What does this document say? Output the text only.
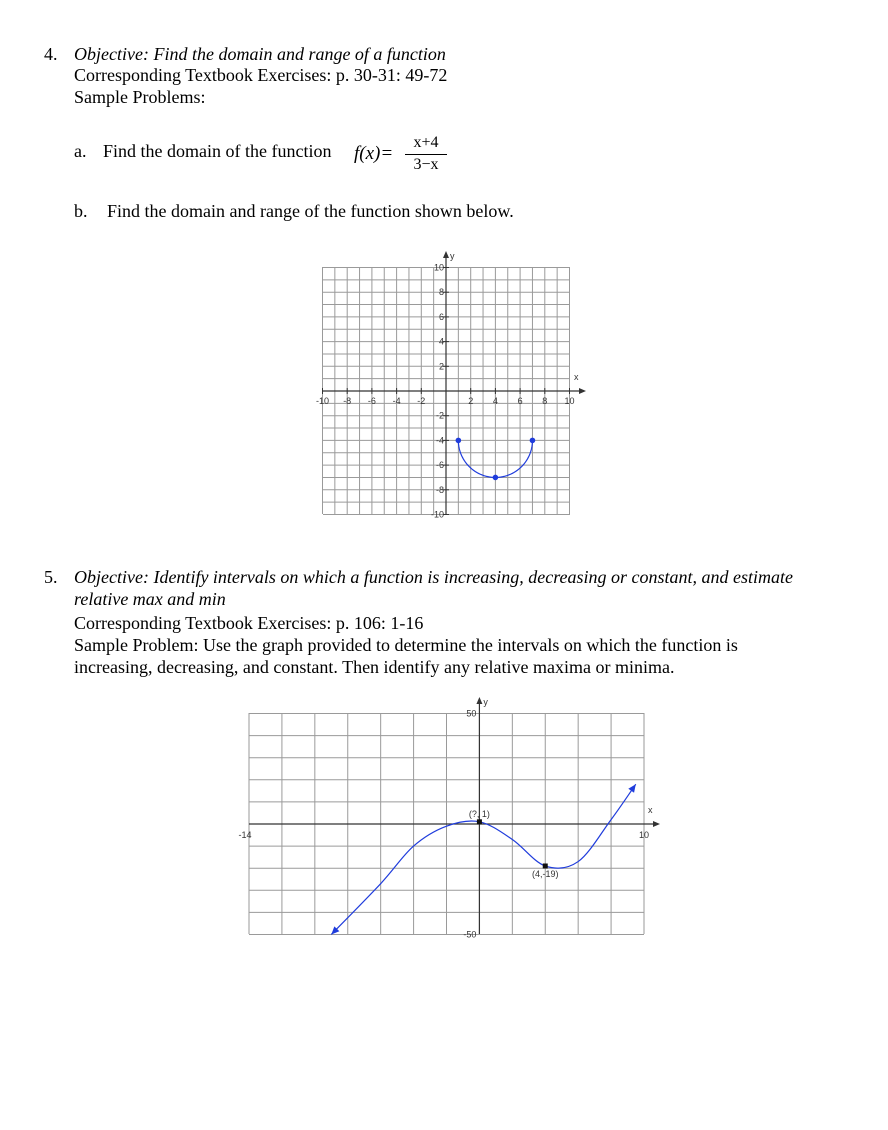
4. Objective: Find the domain and range of a function
Corresponding Textbook Exercises: p. 30-31: 49-72
Sample Problems:
a. Find the domain of the function f(x)=
x+4
3−x
b. Find the domain and range of the function shown below.
x
y
-10 -8 -6 -4 -2	2 4 6 8 10
10
8
6
4
2
-2
-4
-6
-8
-10
5. Objective: Identify intervals on which a function is increasing, decreasing or constant, and estimate
relative max and min
Corresponding Textbook Exercises: p. 106: 1-16
Sample Problem: Use the graph provided to determine the intervals on which the function is
increasing, decreasing, and constant. Then identify any relative maxima or minima.
x
y
-14	10
50
-50
(?, 1)
(4,-19)
